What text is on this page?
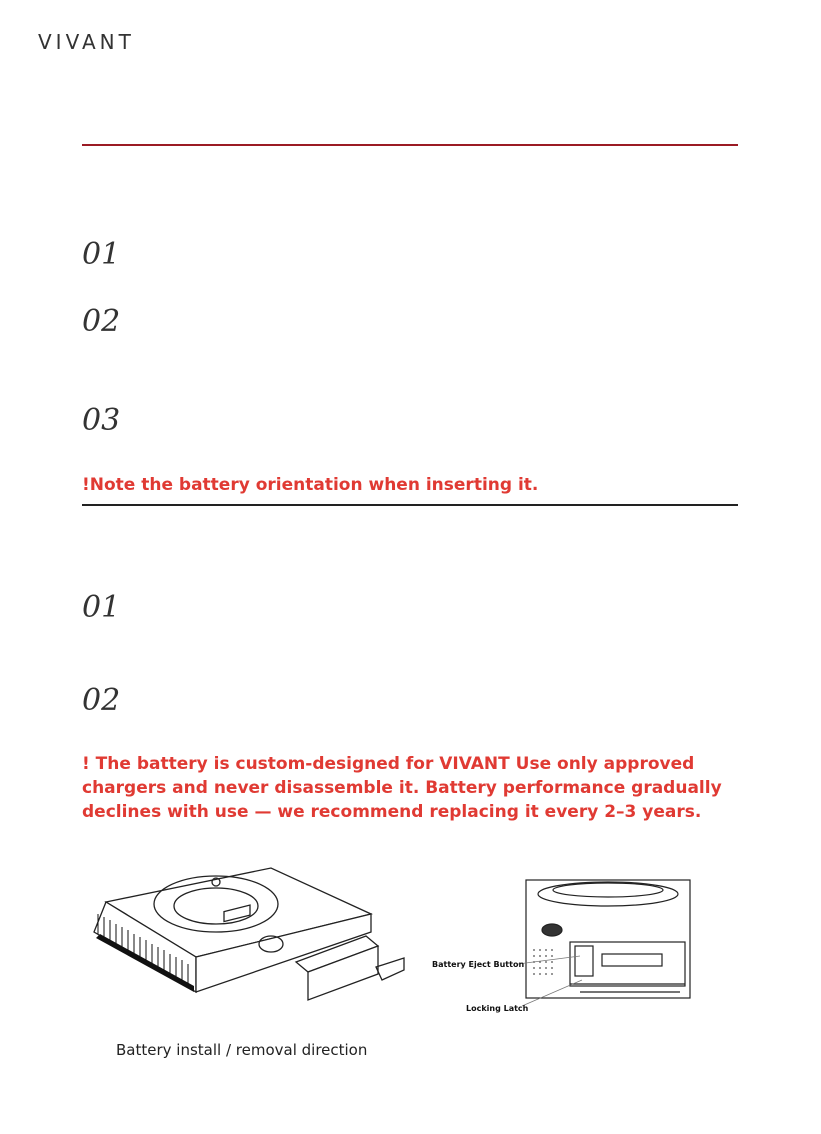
VIVANT
01
02
03
!Note the battery orientation when inserting it.
01
02
! The battery is custom-designed for VIVANT Use only approved chargers and never disassemble it. Battery performance gradually declines with use — we recommend replacing it every 2–3 years.
Battery Eject Button
Locking Latch
Battery install / removal direction
